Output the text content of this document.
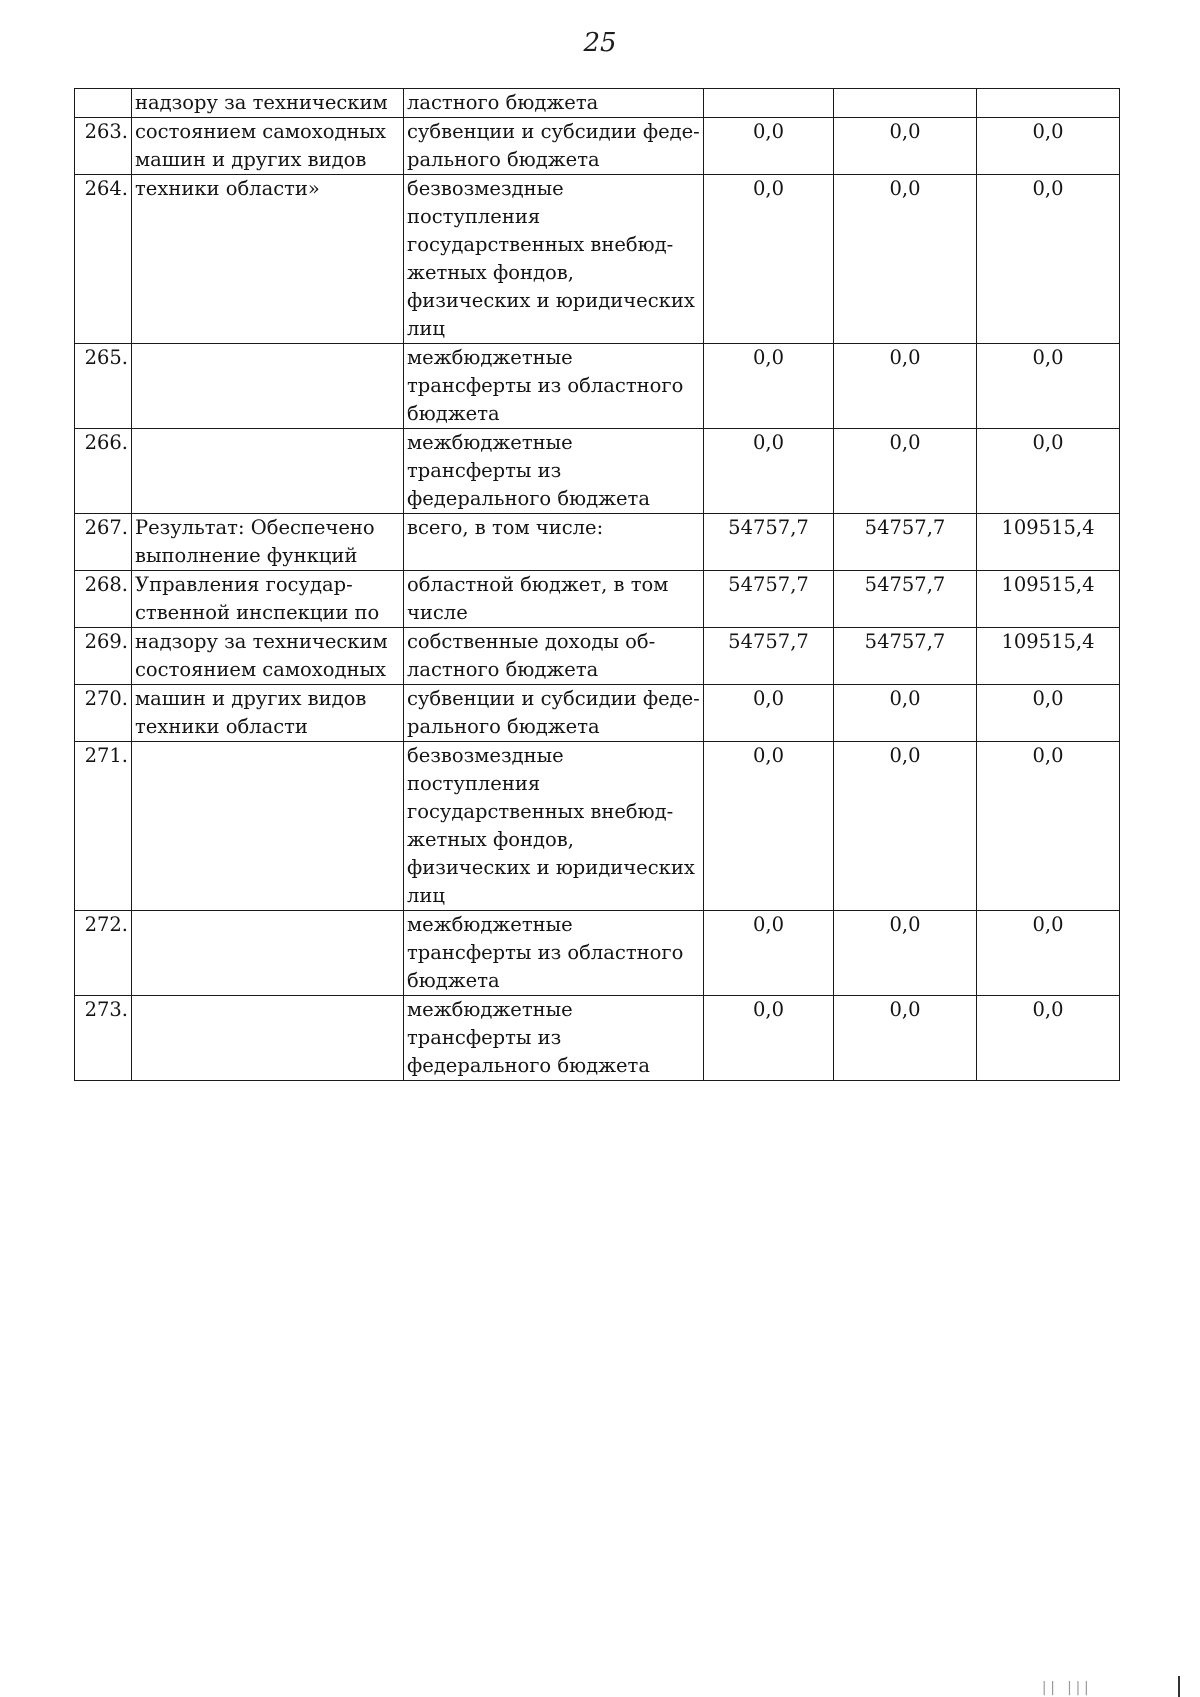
25
	надзору за техническим	ластного бюджета			
263.	состоянием самоходных машин и других видов	субвенции и субсидии феде-рального бюджета	0,0	0,0	0,0
264.	техники области»	безвозмездные поступления государственных внебюд-жетных фондов, физических и юридических лиц	0,0	0,0	0,0
265.		межбюджетные трансферты из областного бюджета	0,0	0,0	0,0
266.		межбюджетные трансферты из федерального бюджета	0,0	0,0	0,0
267.	Результат: Обеспечено выполнение функций	всего, в том числе:	54757,7	54757,7	109515,4
268.	Управления государ-ственной инспекции по	областной бюджет, в том числе	54757,7	54757,7	109515,4
269.	надзору за техническим состоянием самоходных	собственные доходы об-ластного бюджета	54757,7	54757,7	109515,4
270.	машин и других видов техники области	субвенции и субсидии феде-рального бюджета	0,0	0,0	0,0
271.		безвозмездные поступления государственных внебюд-жетных фондов, физических и юридических лиц	0,0	0,0	0,0
272.		межбюджетные трансферты из областного бюджета	0,0	0,0	0,0
273.		межбюджетные трансферты из федерального бюджета	0,0	0,0	0,0
|| |||
